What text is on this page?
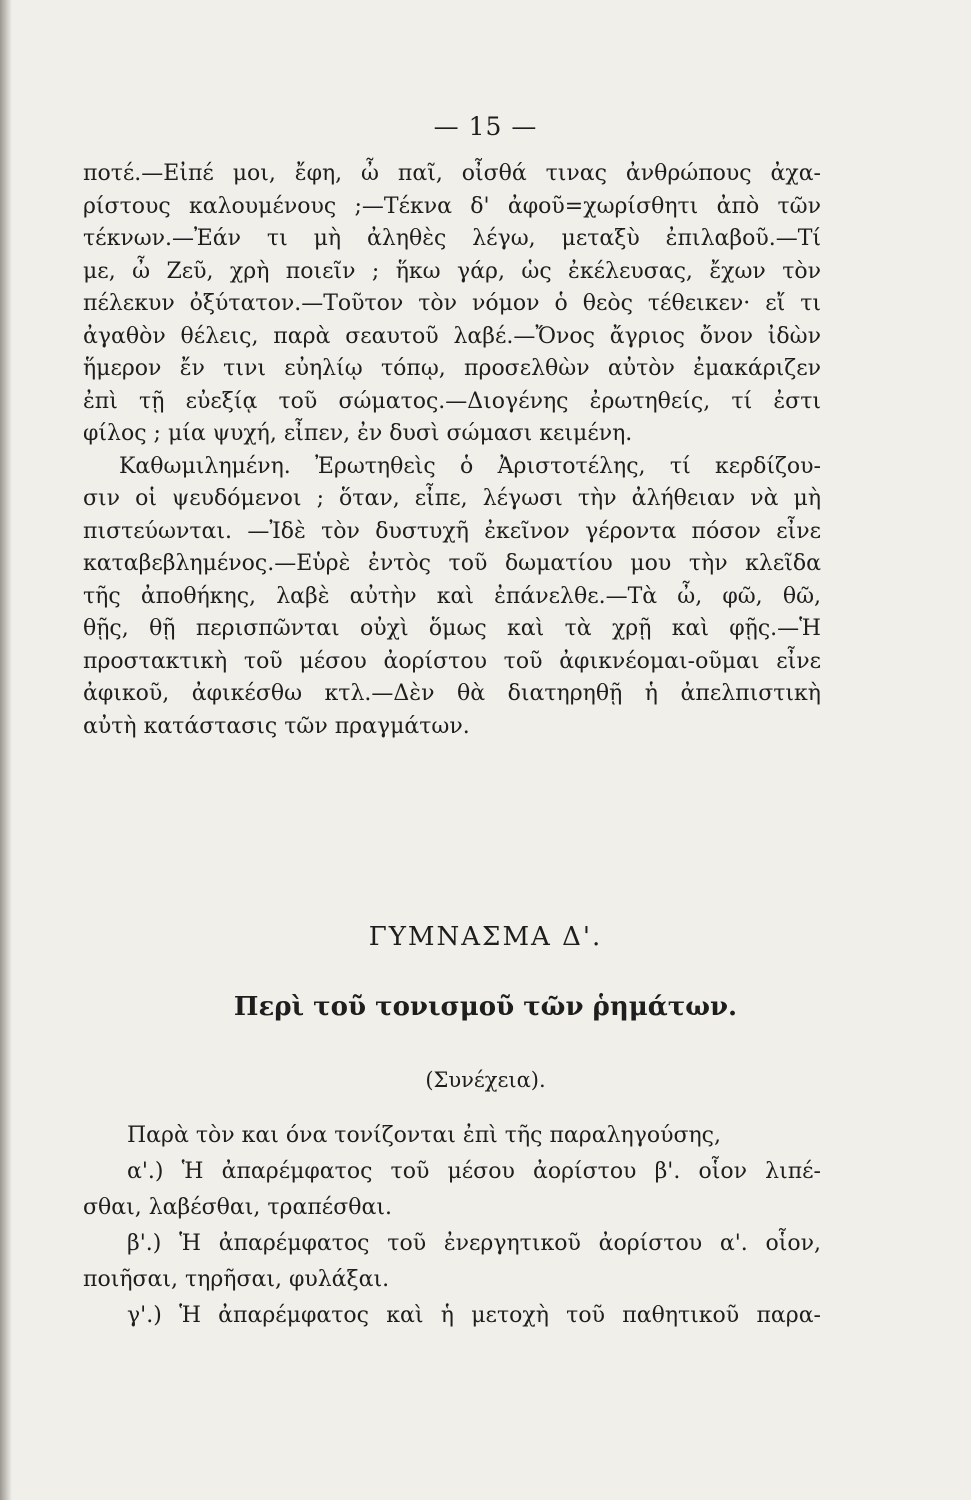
— 15 —
ποτέ.—Εἰπέ μοι, ἔφη, ὦ παῖ, οἶσθά τινας ἀνθρώπους ἀχα-
ρίστους καλουμένους ;—Τέκνα δ' ἀφοῦ=χωρίσθητι ἀπὸ τῶν
τέκνων.—Ἐάν τι μὴ ἀληθὲς λέγω, μεταξὺ ἐπιλαβοῦ.—Τί
με, ὦ Ζεῦ, χρὴ ποιεῖν ; ἥκω γάρ, ὡς ἐκέλευσας, ἔχων τὸν
πέλεκυν ὀξύτατον.—Τοῦτον τὸν νόμον ὁ θεὸς τέθεικεν· εἴ τι
ἀγαθὸν θέλεις, παρὰ σεαυτοῦ λαβέ.—Ὄνος ἄγριος ὄνον ἰδὼν
ἥμερον ἔν τινι εὐηλίῳ τόπῳ, προσελθὼν αὐτὸν ἐμακάριζεν
ἐπὶ τῇ εὐεξίᾳ τοῦ σώματος.—Διογένης ἐρωτηθείς, τί ἐστι
φίλος ; μία ψυχή, εἶπεν, ἐν δυσὶ σώμασι κειμένη.
Καθωμιλημένη. Ἐρωτηθεὶς ὁ Ἀριστοτέλης, τί κερδίζου-
σιν οἱ ψευδόμενοι ; ὅταν, εἶπε, λέγωσι τὴν ἀλήθειαν νὰ μὴ
πιστεύωνται. —Ἰδὲ τὸν δυστυχῆ ἐκεῖνον γέροντα πόσον εἶνε
καταβεβλημένος.—Εὑρὲ ἐντὸς τοῦ δωματίου μου τὴν κλεῖδα
τῆς ἀποθήκης, λαβὲ αὐτὴν καὶ ἐπάνελθε.—Τὰ ὦ, φῶ, θῶ,
θῇς, θῇ περισπῶνται οὐχὶ ὅμως καὶ τὰ χρῇ καὶ φῇς.—Ἡ
προστακτικὴ τοῦ μέσου ἀορίστου τοῦ ἀφικνέομαι-οῦμαι εἶνε
ἀφικοῦ, ἀφικέσθω κτλ.—Δὲν θὰ διατηρηθῇ ἡ ἀπελπιστικὴ
αὐτὴ κατάστασις τῶν πραγμάτων.
ΓΥΜΝΑΣΜΑ Δ'.
Περὶ τοῦ τονισμοῦ τῶν ῥημάτων.
(Συνέχεια).
Παρὰ τὸν και όνα τονίζονται ἐπὶ τῆς παραληγούσης,
α'.) Ἡ ἀπαρέμφατος τοῦ μέσου ἀορίστου β'. οἷον λιπέ-
σθαι, λαβέσθαι, τραπέσθαι.
β'.) Ἡ ἀπαρέμφατος τοῦ ἐνεργητικοῦ ἀορίστου α'. οἷον,
ποιῆσαι, τηρῆσαι, φυλάξαι.
γ'.) Ἡ ἀπαρέμφατος καὶ ἡ μετοχὴ τοῦ παθητικοῦ παρα-
